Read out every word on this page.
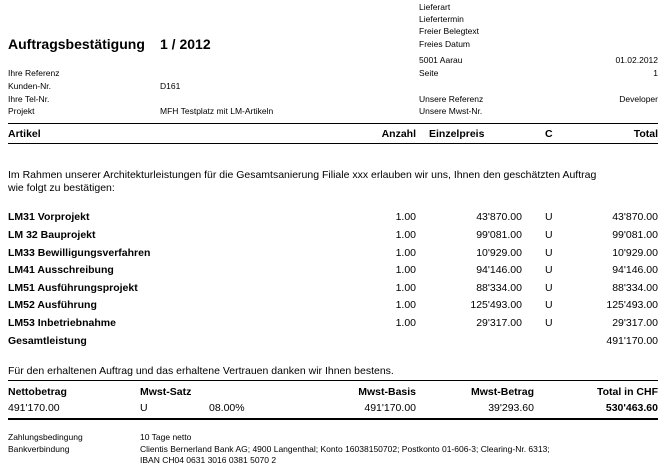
Lieferart
Liefertermin
Freier Belegtext
Freies Datum
Auftragsbestätigung 1 / 2012
5001 Aarau	01.02.2012
Seite	1
Ihre Referenz
Kunden-Nr.	D161
Ihre Tel-Nr.
Projekt	MFH Testplatz mit LM-Artikeln
Unsere Referenz	Developer
Unsere Mwst-Nr.
Artikel	Anzahl Einzelpreis	C	Total
Im Rahmen unserer Architekturleistungen für die Gesamtsanierung Filiale xxx erlauben wir uns, Ihnen den geschätzten Auftrag
wie folgt zu bestätigen:
LM31 Vorprojekt	1.00	43'870.00 U	43'870.00
LM 32 Bauprojekt	1.00	99'081.00 U	99'081.00
LM33 Bewilligungsverfahren	1.00	10'929.00 U	10'929.00
LM41 Ausschreibung	1.00	94'146.00 U	94'146.00
LM51 Ausführungsprojekt	1.00	88'334.00 U	88'334.00
LM52 Ausführung	1.00	125'493.00 U	125'493.00
LM53 Inbetriebnahme	1.00	29'317.00 U	29'317.00
Gesamtleistung	491'170.00
Für den erhaltenen Auftrag und das erhaltene Vertrauen danken wir Ihnen bestens.
Nettobetrag	Mwst-Satz	Mwst-Basis	Mwst-Betrag	Total in CHF
491'170.00	U	08.00%	491'170.00	39'293.60	530'463.60
Zahlungsbedingung	10 Tage netto
Bankverbindung	Clientis Bernerland Bank AG; 4900 Langenthal; Konto 16038150702; Postkonto 01-606-3; Clearing-Nr. 6313;
IBAN CH04 0631 3016 0381 5070 2
